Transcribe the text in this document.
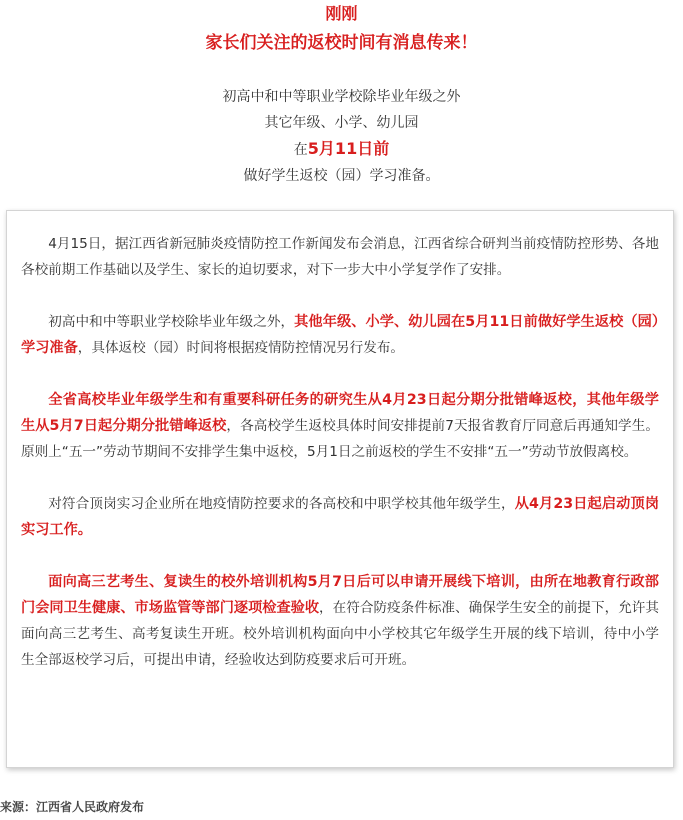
刚刚
家长们关注的返校时间有消息传来！
初高中和中等职业学校除毕业年级之外
其它年级、小学、幼儿园
在5月11日前
做好学生返校（园）学习准备。

4月15日，据江西省新冠肺炎疫情防控工作新闻发布会消息，江西省综合研判当前疫情防控形势、各地各校前期工作基础以及学生、家长的迫切要求，对下一步大中小学复学作了安排。

初高中和中等职业学校除毕业年级之外，其他年级、小学、幼儿园在5月11日前做好学生返校（园）学习准备，具体返校（园）时间将根据疫情防控情况另行发布。

全省高校毕业年级学生和有重要科研任务的研究生从4月23日起分期分批错峰返校，其他年级学生从5月7日起分期分批错峰返校，各高校学生返校具体时间安排提前7天报省教育厅同意后再通知学生。原则上“五一”劳动节期间不安排学生集中返校，5月1日之前返校的学生不安排“五一”劳动节放假离校。

对符合顶岗实习企业所在地疫情防控要求的各高校和中职学校其他年级学生，从4月23日起启动顶岗实习工作。

面向高三艺考生、复读生的校外培训机构5月7日后可以申请开展线下培训，由所在地教育行政部门会同卫生健康、市场监管等部门逐项检查验收，在符合防疫条件标准、确保学生安全的前提下，允许其面向高三艺考生、高考复读生开班。校外培训机构面向中小学校其它年级学生开展的线下培训，待中小学生全部返校学习后，可提出申请，经验收达到防疫要求后可开班。

来源：江西省人民政府发布
